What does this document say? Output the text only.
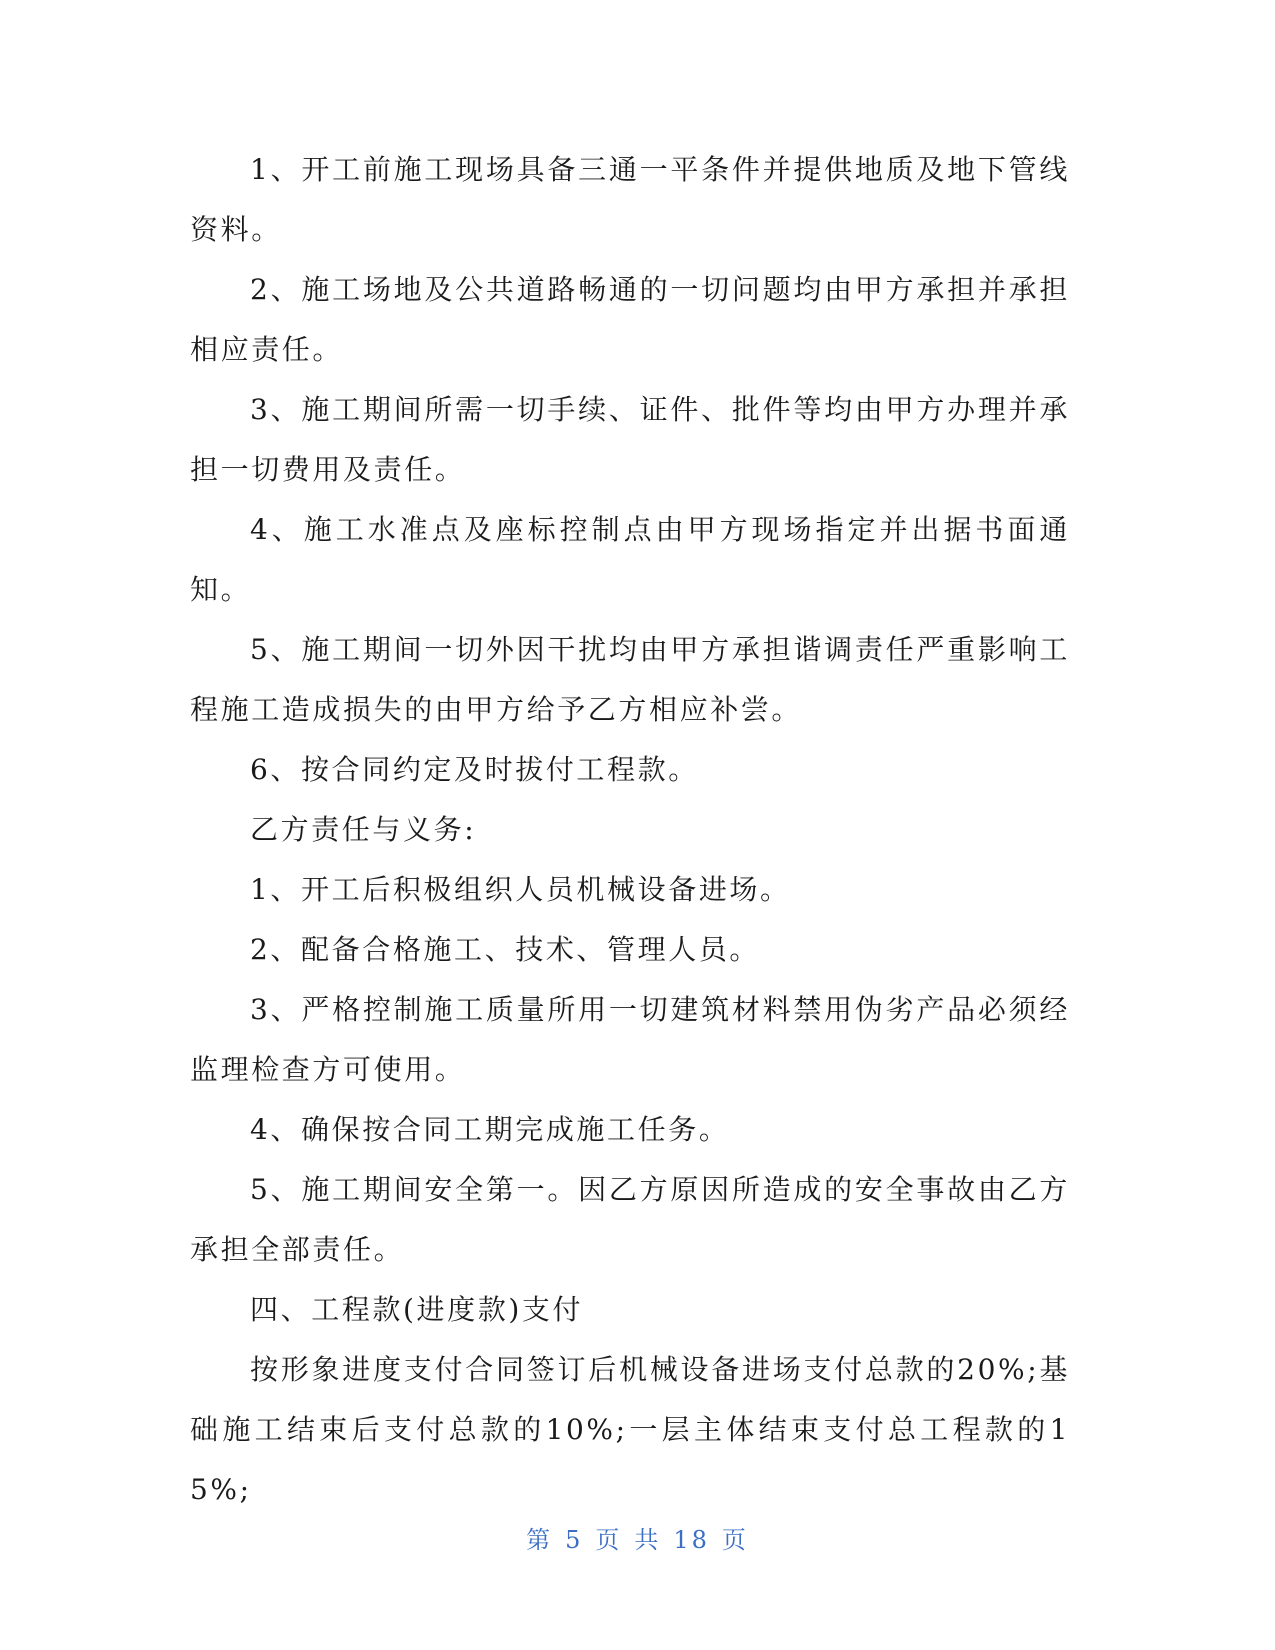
1、开工前施工现场具备三通一平条件并提供地质及地下管线资料。

2、施工场地及公共道路畅通的一切问题均由甲方承担并承担相应责任。

3、施工期间所需一切手续、证件、批件等均由甲方办理并承担一切费用及责任。

4、施工水准点及座标控制点由甲方现场指定并出据书面通知。

5、施工期间一切外因干扰均由甲方承担谐调责任严重影响工程施工造成损失的由甲方给予乙方相应补尝。

6、按合同约定及时拔付工程款。

乙方责任与义务:

1、开工后积极组织人员机械设备进场。

2、配备合格施工、技术、管理人员。

3、严格控制施工质量所用一切建筑材料禁用伪劣产品必须经监理检查方可使用。

4、确保按合同工期完成施工任务。

5、施工期间安全第一。因乙方原因所造成的安全事故由乙方承担全部责任。

四、工程款(进度款)支付

按形象进度支付合同签订后机械设备进场支付总款的20%;基础施工结束后支付总款的10%;一层主体结束支付总工程款的15%;

第 5 页 共 18 页
